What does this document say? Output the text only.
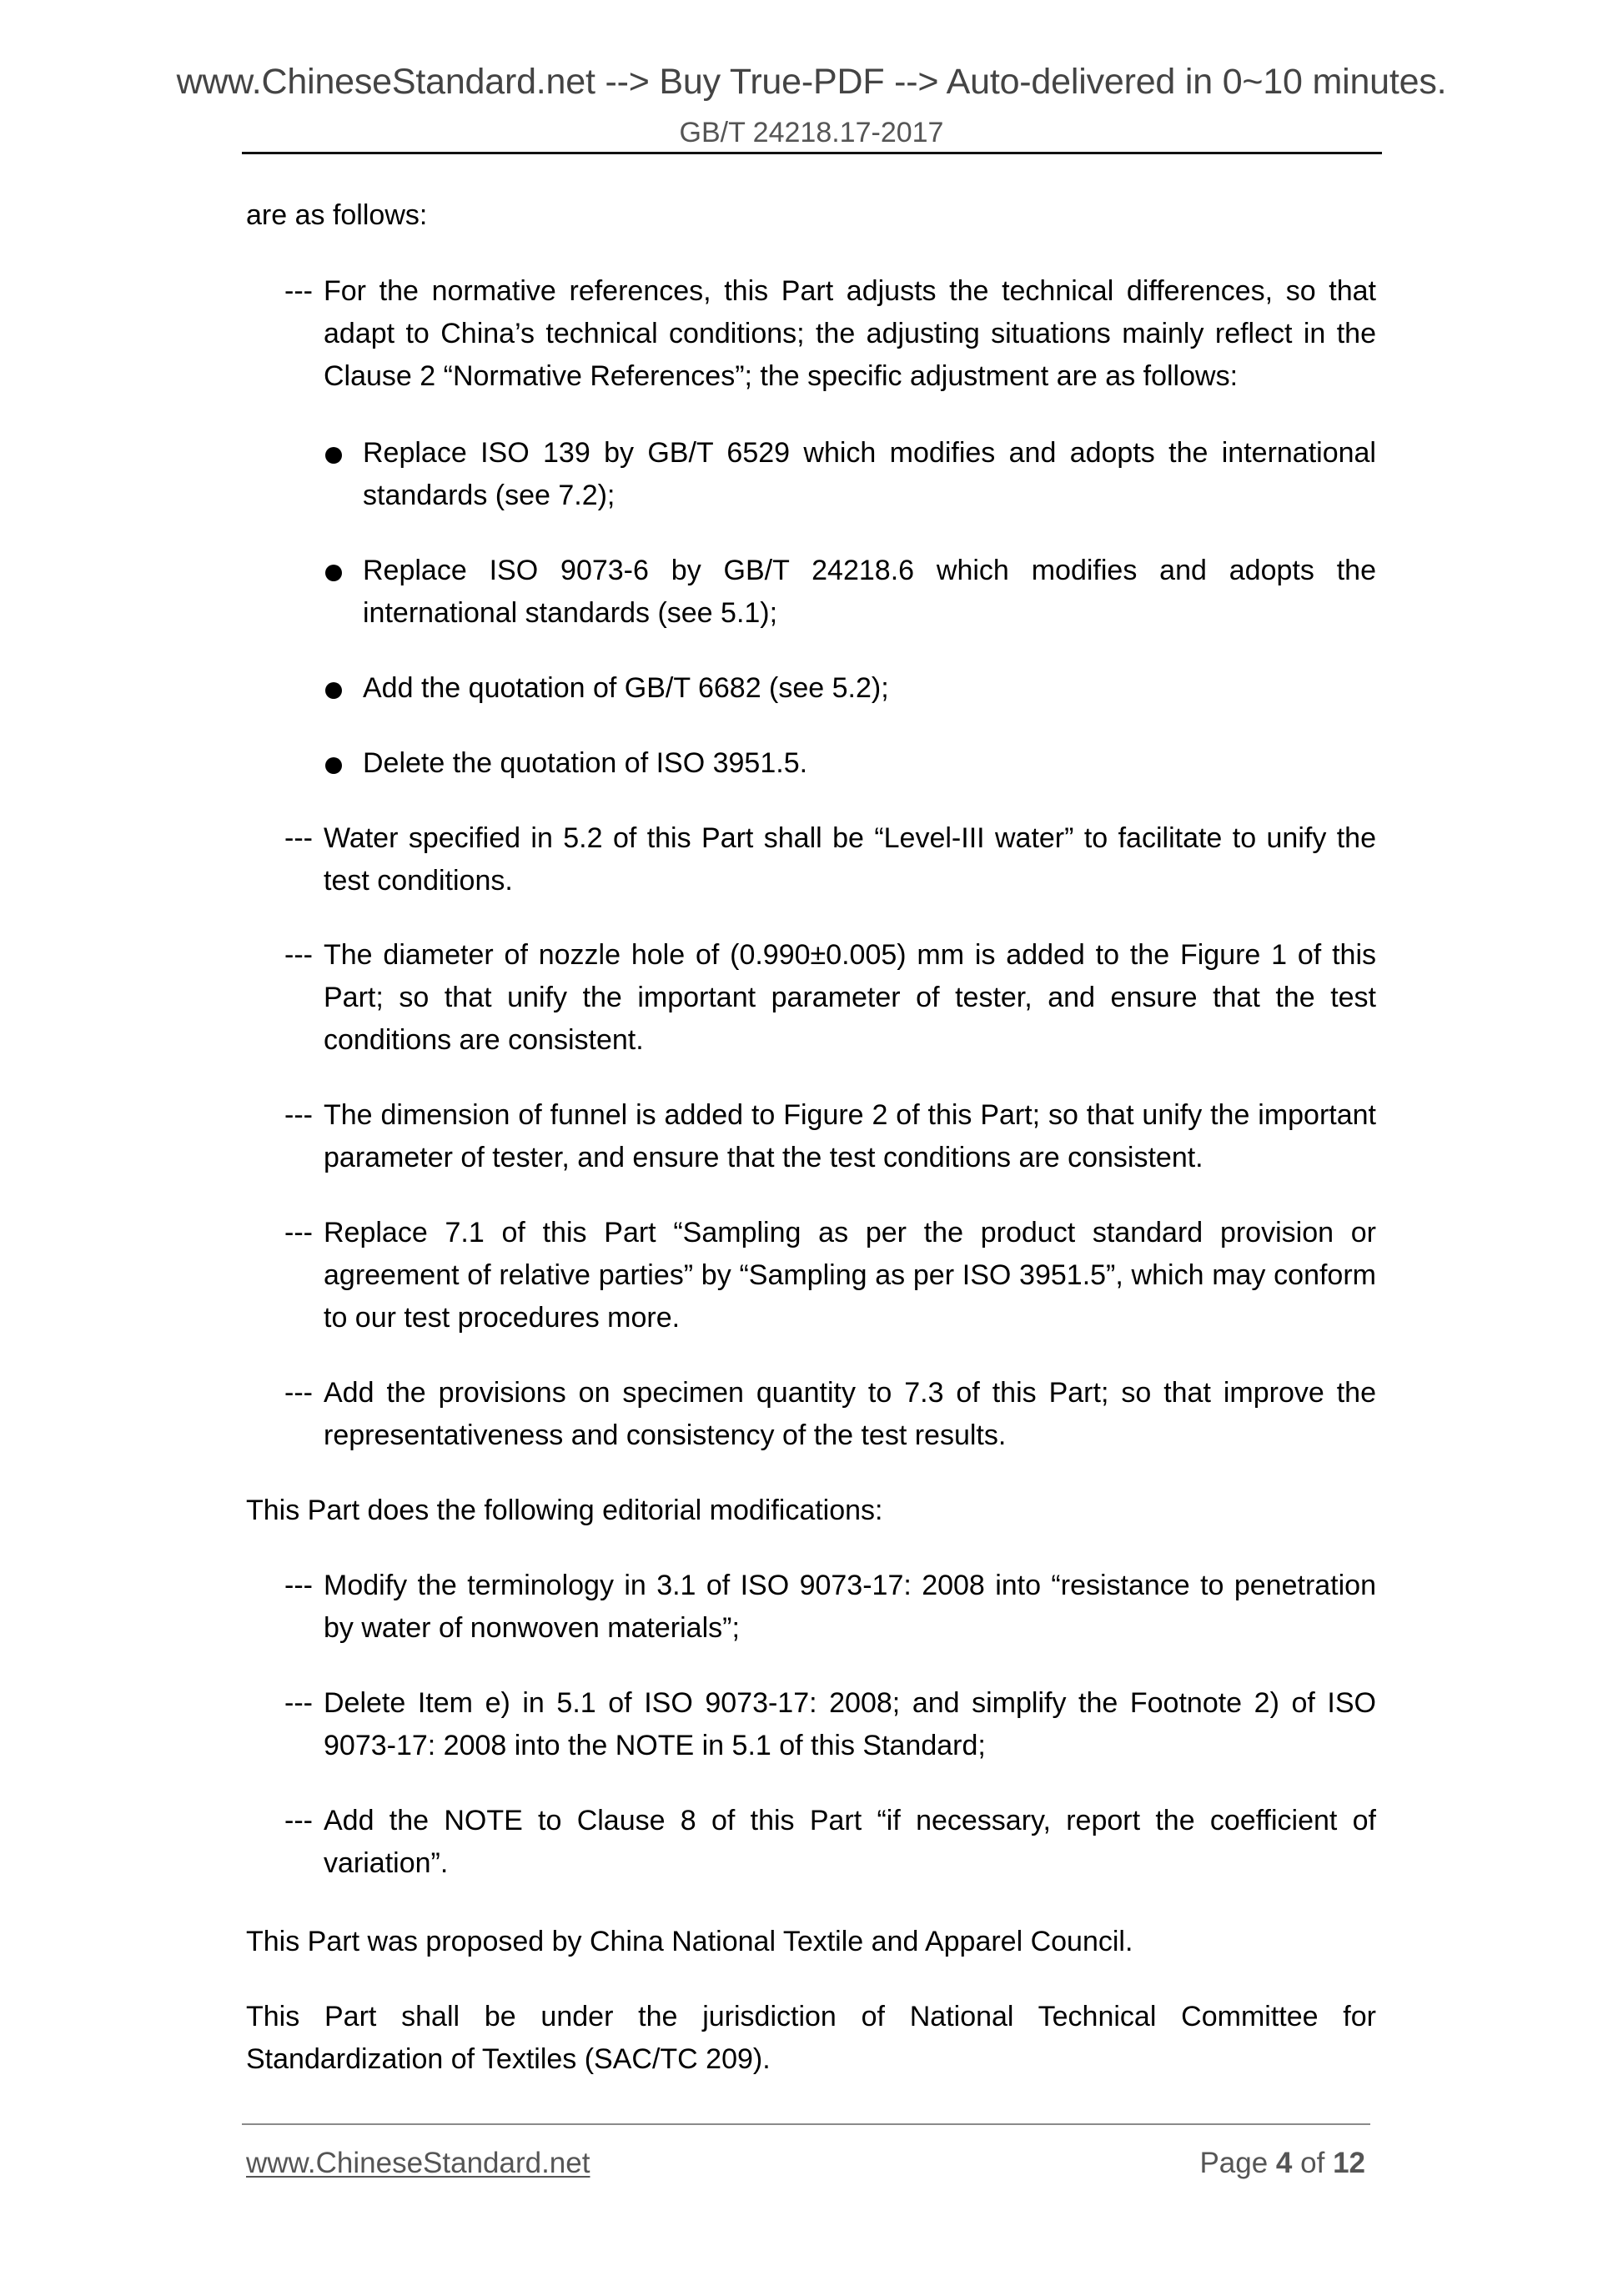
www.ChineseStandard.net --> Buy True-PDF --> Auto-delivered in 0~10 minutes.
GB/T 24218.17-2017
are as follows:
--- For the normative references, this Part adjusts the technical differences, so that adapt to China’s technical conditions; the adjusting situations mainly reflect in the Clause 2 “Normative References”; the specific adjustment are as follows:
Replace ISO 139 by GB/T 6529 which modifies and adopts the international standards (see 7.2);
Replace ISO 9073-6 by GB/T 24218.6 which modifies and adopts the international standards (see 5.1);
Add the quotation of GB/T 6682 (see 5.2);
Delete the quotation of ISO 3951.5.
--- Water specified in 5.2 of this Part shall be “Level-III water” to facilitate to unify the test conditions.
--- The diameter of nozzle hole of (0.990±0.005) mm is added to the Figure 1 of this Part; so that unify the important parameter of tester, and ensure that the test conditions are consistent.
--- The dimension of funnel is added to Figure 2 of this Part; so that unify the important parameter of tester, and ensure that the test conditions are consistent.
--- Replace 7.1 of this Part “Sampling as per the product standard provision or agreement of relative parties” by “Sampling as per ISO 3951.5”, which may conform to our test procedures more.
--- Add the provisions on specimen quantity to 7.3 of this Part; so that improve the representativeness and consistency of the test results.
This Part does the following editorial modifications:
--- Modify the terminology in 3.1 of ISO 9073-17: 2008 into “resistance to penetration by water of nonwoven materials”;
--- Delete Item e) in 5.1 of ISO 9073-17: 2008; and simplify the Footnote 2) of ISO 9073-17: 2008 into the NOTE in 5.1 of this Standard;
--- Add the NOTE to Clause 8 of this Part “if necessary, report the coefficient of variation”.
This Part was proposed by China National Textile and Apparel Council.
This Part shall be under the jurisdiction of National Technical Committee for Standardization of Textiles (SAC/TC 209).
www.ChineseStandard.net	Page 4 of 12
